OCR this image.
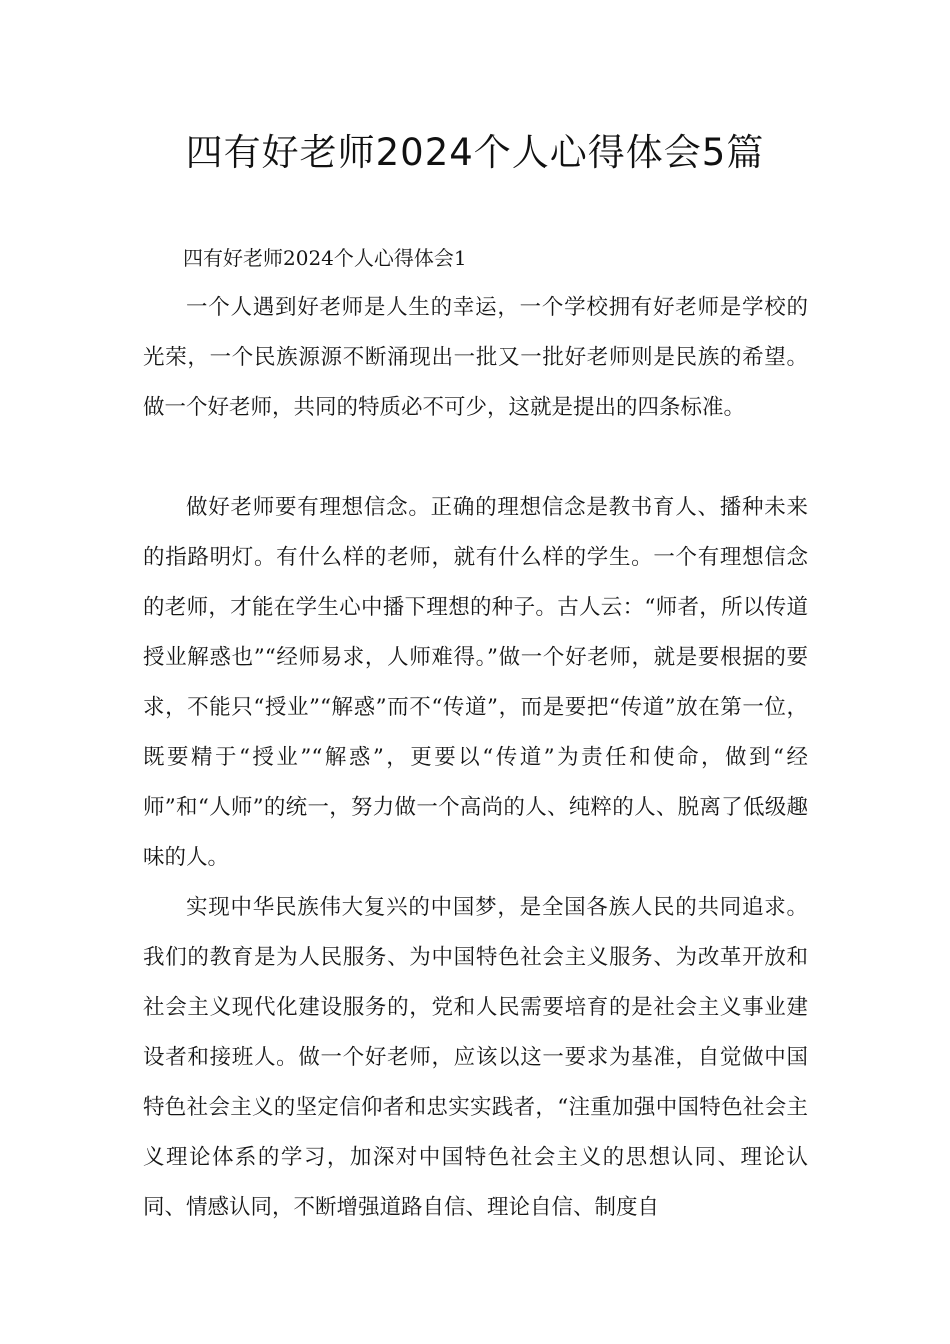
四有好老师2024个人心得体会5篇

四有好老师2024个人心得体会1

一个人遇到好老师是人生的幸运，一个学校拥有好老师是学校的光荣，一个民族源源不断涌现出一批又一批好老师则是民族的希望。做一个好老师，共同的特质必不可少，这就是提出的四条标准。

做好老师要有理想信念。正确的理想信念是教书育人、播种未来的指路明灯。有什么样的老师，就有什么样的学生。一个有理想信念的老师，才能在学生心中播下理想的种子。古人云：“师者，所以传道授业解惑也”“经师易求，人师难得。”做一个好老师，就是要根据的要求，不能只“授业”“解惑”而不“传道”，而是要把“传道”放在第一位，既要精于“授业”“解惑”，更要以“传道”为责任和使命，做到“经师”和“人师”的统一，努力做一个高尚的人、纯粹的人、脱离了低级趣味的人。

实现中华民族伟大复兴的中国梦，是全国各族人民的共同追求。我们的教育是为人民服务、为中国特色社会主义服务、为改革开放和社会主义现代化建设服务的，党和人民需要培育的是社会主义事业建设者和接班人。做一个好老师，应该以这一要求为基准，自觉做中国特色社会主义的坚定信仰者和忠实实践者，“注重加强中国特色社会主义理论体系的学习，加深对中国特色社会主义的思想认同、理论认同、情感认同，不断增强道路自信、理论自信、制度自
